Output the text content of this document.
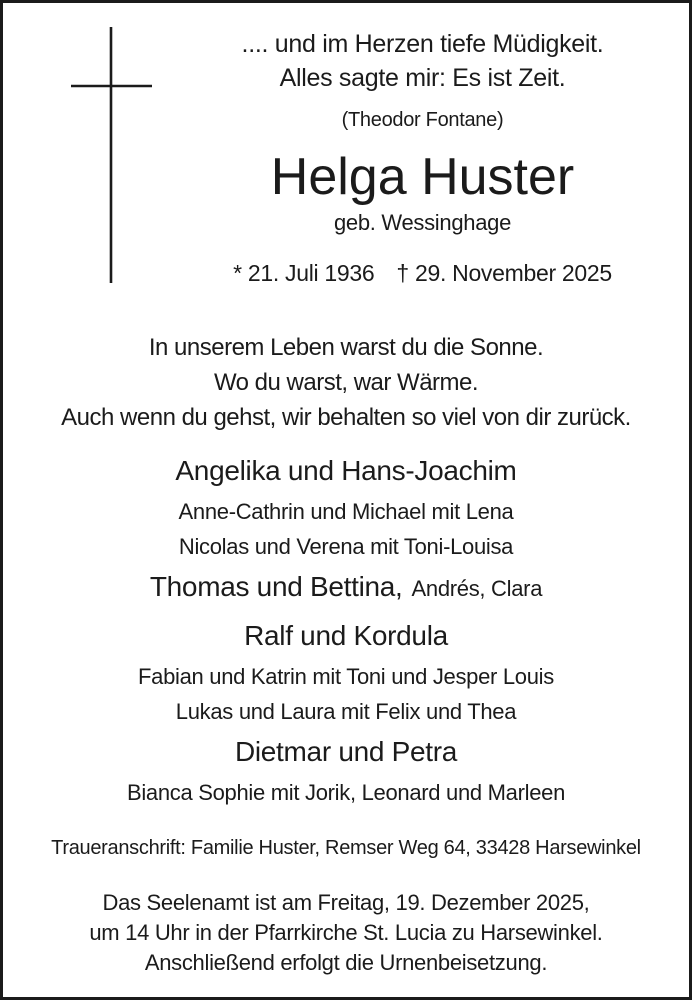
.... und im Herzen tiefe Müdigkeit.
Alles sagte mir: Es ist Zeit.
(Theodor Fontane)
Helga Huster
geb. Wessinghage
* 21. Juli 1936 † 29. November 2025
In unserem Leben warst du die Sonne.
Wo du warst, war Wärme.
Auch wenn du gehst, wir behalten so viel von dir zurück.
Angelika und Hans-Joachim
Anne-Cathrin und Michael mit Lena
Nicolas und Verena mit Toni-Louisa
Thomas und Bettina, Andrés, Clara
Ralf und Kordula
Fabian und Katrin mit Toni und Jesper Louis
Lukas und Laura mit Felix und Thea
Dietmar und Petra
Bianca Sophie mit Jorik, Leonard und Marleen
Traueranschrift: Familie Huster, Remser Weg 64, 33428 Harsewinkel
Das Seelenamt ist am Freitag, 19. Dezember 2025,
um 14 Uhr in der Pfarrkirche St. Lucia zu Harsewinkel.
Anschließend erfolgt die Urnenbeisetzung.
